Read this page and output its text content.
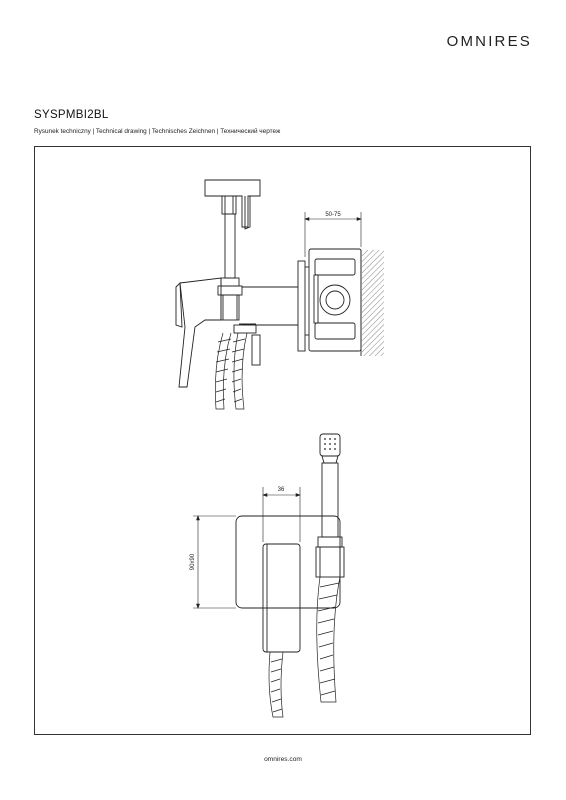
OMNIRES
SYSPMBI2BL
Rysunek techniczny | Technical drawing | Technisches Zeichnen | Технический чертеж
50-75
36
90x90
omnires.com
